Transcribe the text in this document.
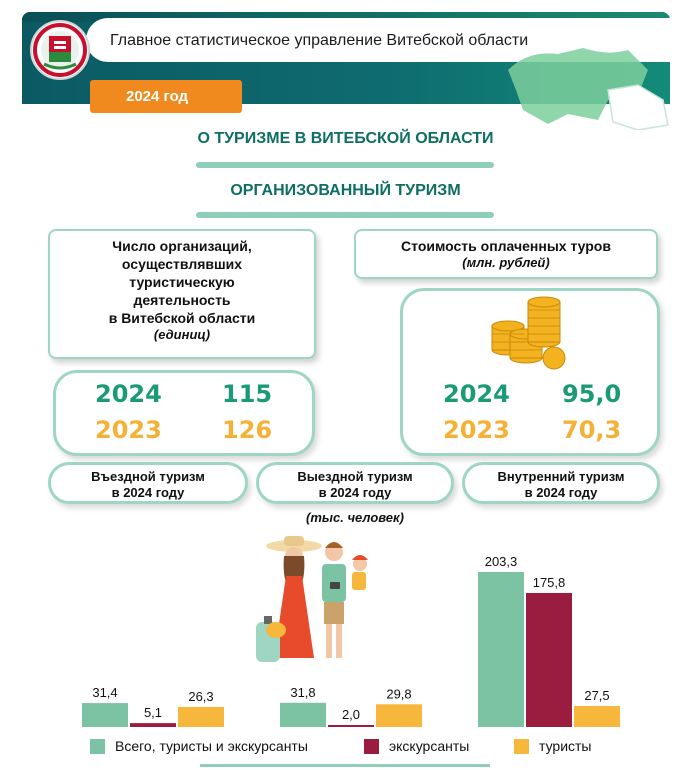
Главное статистическое управление Витебской области
2024 год
О ТУРИЗМЕ В ВИТЕБСКОЙ ОБЛАСТИ
ОРГАНИЗОВАННЫЙ ТУРИЗМ
Число организаций,
осуществлявших
туристическую
деятельность
в Витебской области
(единиц)
2024	115
2023	126
Стоимость оплаченных туров
(млн. рублей)
2024 95,0
2023 70,3
Въездной туризм
в 2024 году
Выездной туризм
в 2024 году
Внутренний туризм
в 2024 году
(тыс. человек)
31,4
5,1
26,3	31,8
2,0
29,8
203,3
175,8
27,5
Всего, туристы и экскурсанты	экскурсанты	туристы
